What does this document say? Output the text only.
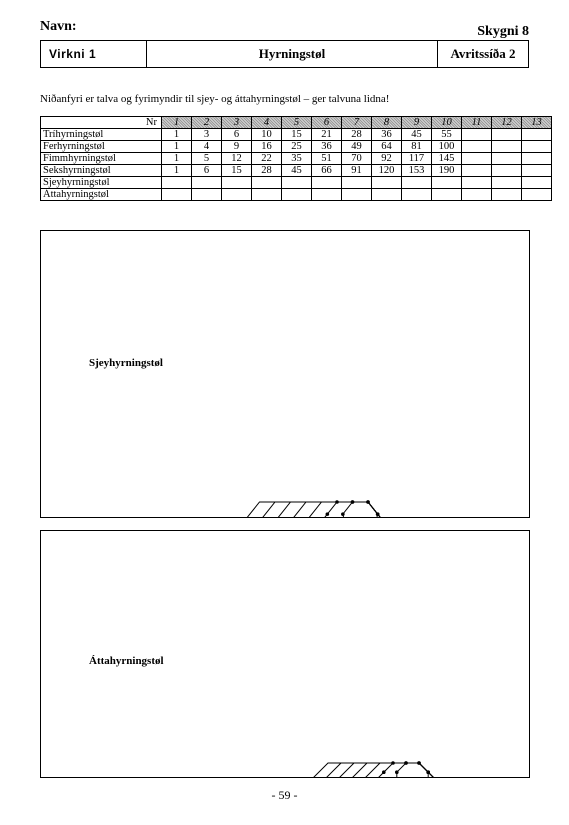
Navn:	Skygni 8
Virkni 1	Hyrningstøl	Avritssíða 2
Niðanfyri er talva og fyrimyndir til sjey- og áttahyrningstøl – ger talvuna lidna!
Nr	1	2	3	4	5	6	7	8	9	10	11	12	13
Tríhyrningstøl	1	3	6	10	15	21	28	36	45	55			
Ferhyrningstøl	1	4	9	16	25	36	49	64	81	100			
Fimmhyrningstøl	1	5	12	22	35	51	70	92	117	145			
Sekshyrningstøl	1	6	15	28	45	66	91	120	153	190			
Sjeyhyrningstøl													
Áttahyrningstøl													
Sjeyhyrningstøl
Áttahyrningstøl
- 59 -
